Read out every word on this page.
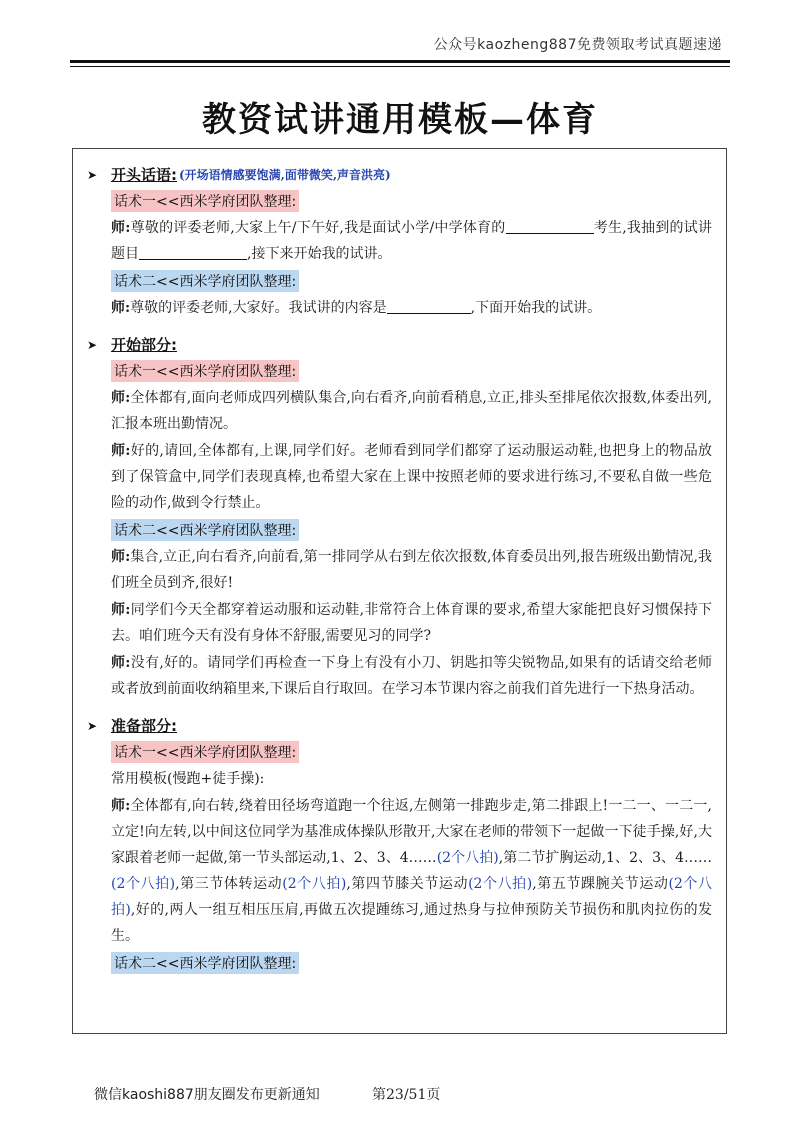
公众号kaozheng887免费领取考试真题速递
教资试讲通用模板—体育
➤ 开头话语: (开场语情感要饱满,面带微笑,声音洪亮)
话术一<<西米学府团队整理:
师:尊敬的评委老师,大家上午/下午好,我是面试小学/中学体育的	考生,我抽到的试讲题目	,接下来开始我的试讲。
话术二<<西米学府团队整理:
师:尊敬的评委老师,大家好。我试讲的内容是	,下面开始我的试讲。
➤ 开始部分:
话术一<<西米学府团队整理:
师:全体都有,面向老师成四列横队集合,向右看齐,向前看稍息,立正,排头至排尾依次报数,体委出列,汇报本班出勤情况。
师:好的,请回,全体都有,上课,同学们好。老师看到同学们都穿了运动服运动鞋,也把身上的物品放到了保管盒中,同学们表现真棒,也希望大家在上课中按照老师的要求进行练习,不要私自做一些危险的动作,做到令行禁止。
话术二<<西米学府团队整理:
师:集合,立正,向右看齐,向前看,第一排同学从右到左依次报数,体育委员出列,报告班级出勤情况,我们班全员到齐,很好!
师:同学们今天全都穿着运动服和运动鞋,非常符合上体育课的要求,希望大家能把良好习惯保持下去。咱们班今天有没有身体不舒服,需要见习的同学?
师:没有,好的。请同学们再检查一下身上有没有小刀、钥匙扣等尖锐物品,如果有的话请交给老师或者放到前面收纳箱里来,下课后自行取回。在学习本节课内容之前我们首先进行一下热身活动。
➤ 准备部分:
话术一<<西米学府团队整理:
常用模板(慢跑+徒手操):
师:全体都有,向右转,绕着田径场弯道跑一个往返,左侧第一排跑步走,第二排跟上!一二一、一二一,立定!向左转,以中间这位同学为基准成体操队形散开,大家在老师的带领下一起做一下徒手操,好,大家跟着老师一起做,第一节头部运动,1、2、3、4……(2个八拍),第二节扩胸运动,1、2、3、4……(2个八拍),第三节体转运动(2个八拍),第四节膝关节运动(2个八拍),第五节踝腕关节运动(2个八拍),好的,两人一组互相压压肩,再做五次提踵练习,通过热身与拉伸预防关节损伤和肌肉拉伤的发生。
话术二<<西米学府团队整理:
微信kaoshi887朋友圈发布更新通知	第23/51页
